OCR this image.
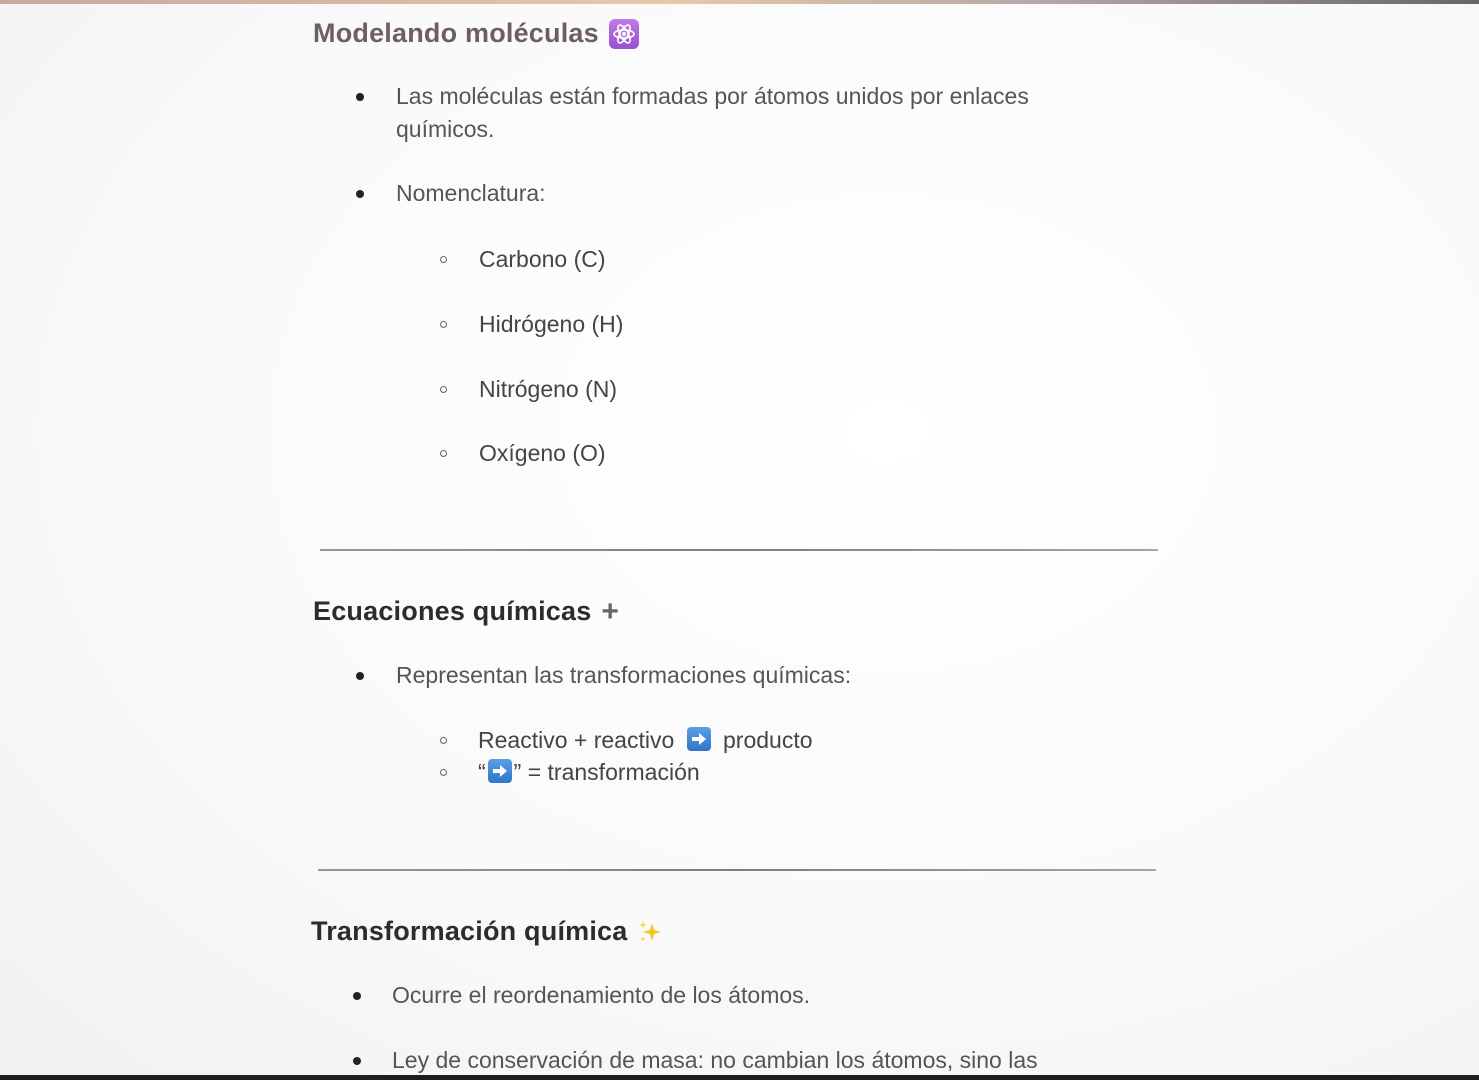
Modelando moléculas
Las moléculas están formadas por átomos unidos por enlaces
químicos.
Nomenclatura:
Carbono (C)
Hidrógeno (H)
Nitrógeno (N)
Oxígeno (O)
Ecuaciones químicas +
Representan las transformaciones químicas:
Reactivo + reactivo producto
“ ” = transformación
Transformación química
Ocurre el reordenamiento de los átomos.
Ley de conservación de masa: no cambian los átomos, sino las
